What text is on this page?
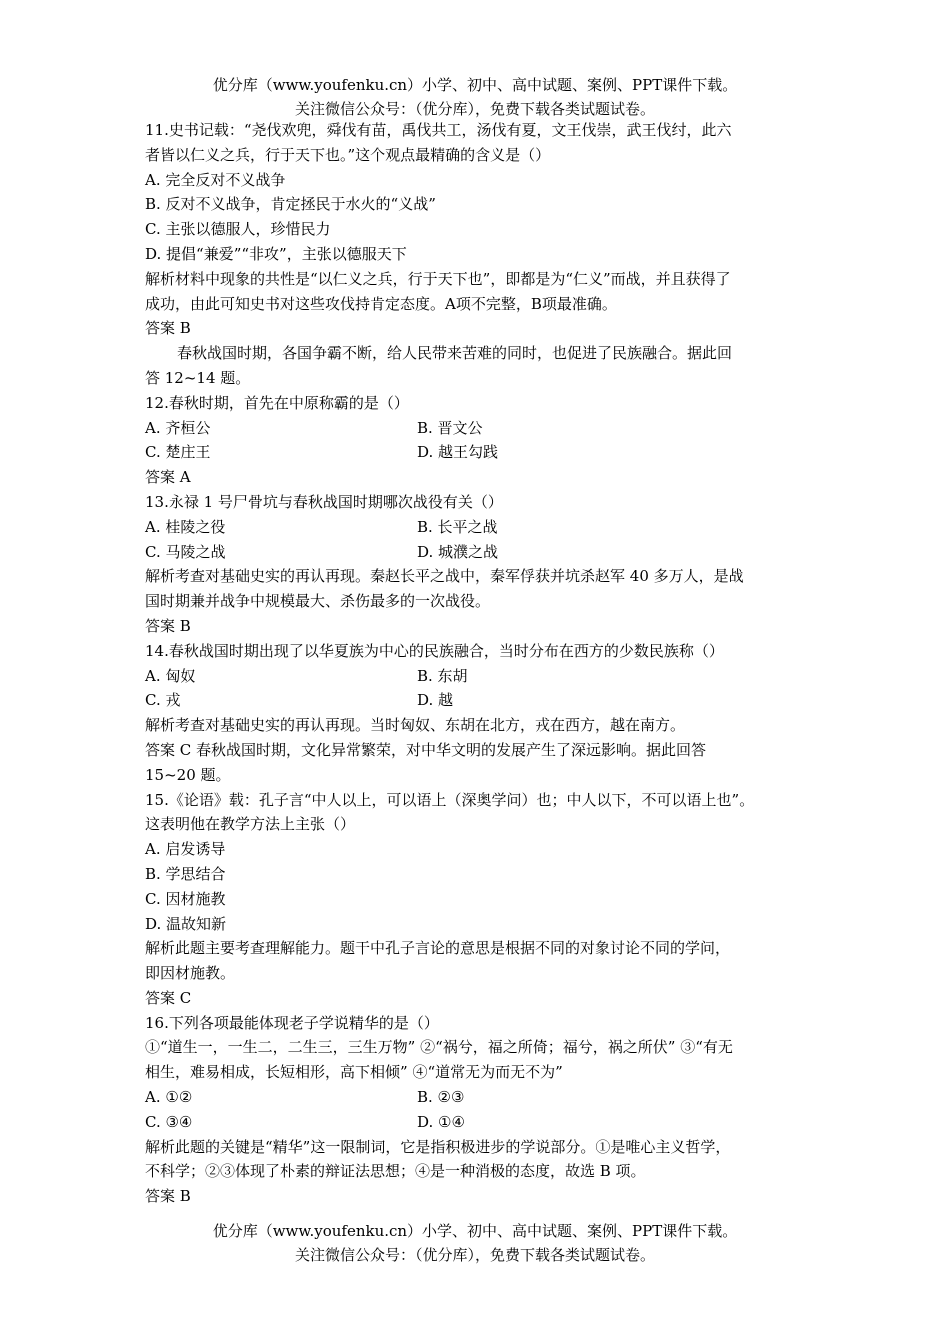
优分库（www.youfenku.cn）小学、初中、高中试题、案例、PPT课件下载。
关注微信公众号：（优分库），免费下载各类试题试卷。
11.史书记载：“尧伐欢兜，舜伐有苗，禹伐共工，汤伐有夏，文王伐崇，武王伐纣，此六
者皆以仁义之兵，行于天下也。”这个观点最精确的含义是（）
A. 完全反对不义战争
B. 反对不义战争，肯定拯民于水火的“义战”
C. 主张以德服人，珍惜民力
D. 提倡“兼爱”“非攻”，主张以德服天下
解析材料中现象的共性是“以仁义之兵，行于天下也”，即都是为“仁义”而战，并且获得了
成功，由此可知史书对这些攻伐持肯定态度。A项不完整，B项最准确。
答案 B
春秋战国时期，各国争霸不断，给人民带来苦难的同时，也促进了民族融合。据此回
答 12~14 题。
12.春秋时期，首先在中原称霸的是（）
A. 齐桓公	B. 晋文公
C. 楚庄王	D. 越王勾践
答案 A
13.永禄 1 号尸骨坑与春秋战国时期哪次战役有关（）
A. 桂陵之役	B. 长平之战
C. 马陵之战	D. 城濮之战
解析考查对基础史实的再认再现。秦赵长平之战中，秦军俘获并坑杀赵军 40 多万人，是战
国时期兼并战争中规模最大、杀伤最多的一次战役。
答案 B
14.春秋战国时期出现了以华夏族为中心的民族融合，当时分布在西方的少数民族称（）
A. 匈奴	B. 东胡
C. 戎	D. 越
解析考查对基础史实的再认再现。当时匈奴、东胡在北方，戎在西方，越在南方。
答案 C 春秋战国时期，文化异常繁荣，对中华文明的发展产生了深远影响。据此回答
15~20 题。
15.《论语》载：孔子言“中人以上，可以语上（深奥学问）也；中人以下，不可以语上也”。
这表明他在教学方法上主张（）
A. 启发诱导
B. 学思结合
C. 因材施教
D. 温故知新
解析此题主要考查理解能力。题干中孔子言论的意思是根据不同的对象讨论不同的学问，
即因材施教。
答案 C
16.下列各项最能体现老子学说精华的是（）
①“道生一，一生二，二生三，三生万物” ②“祸兮，福之所倚；福兮，祸之所伏” ③“有无
相生，难易相成，长短相形，高下相倾” ④“道常无为而无不为”
A. ①②	B. ②③
C. ③④	D. ①④
解析此题的关键是“精华”这一限制词，它是指积极进步的学说部分。①是唯心主义哲学，
不科学；②③体现了朴素的辩证法思想；④是一种消极的态度，故选 B 项。
答案 B
优分库（www.youfenku.cn）小学、初中、高中试题、案例、PPT课件下载。
关注微信公众号：（优分库），免费下载各类试题试卷。
